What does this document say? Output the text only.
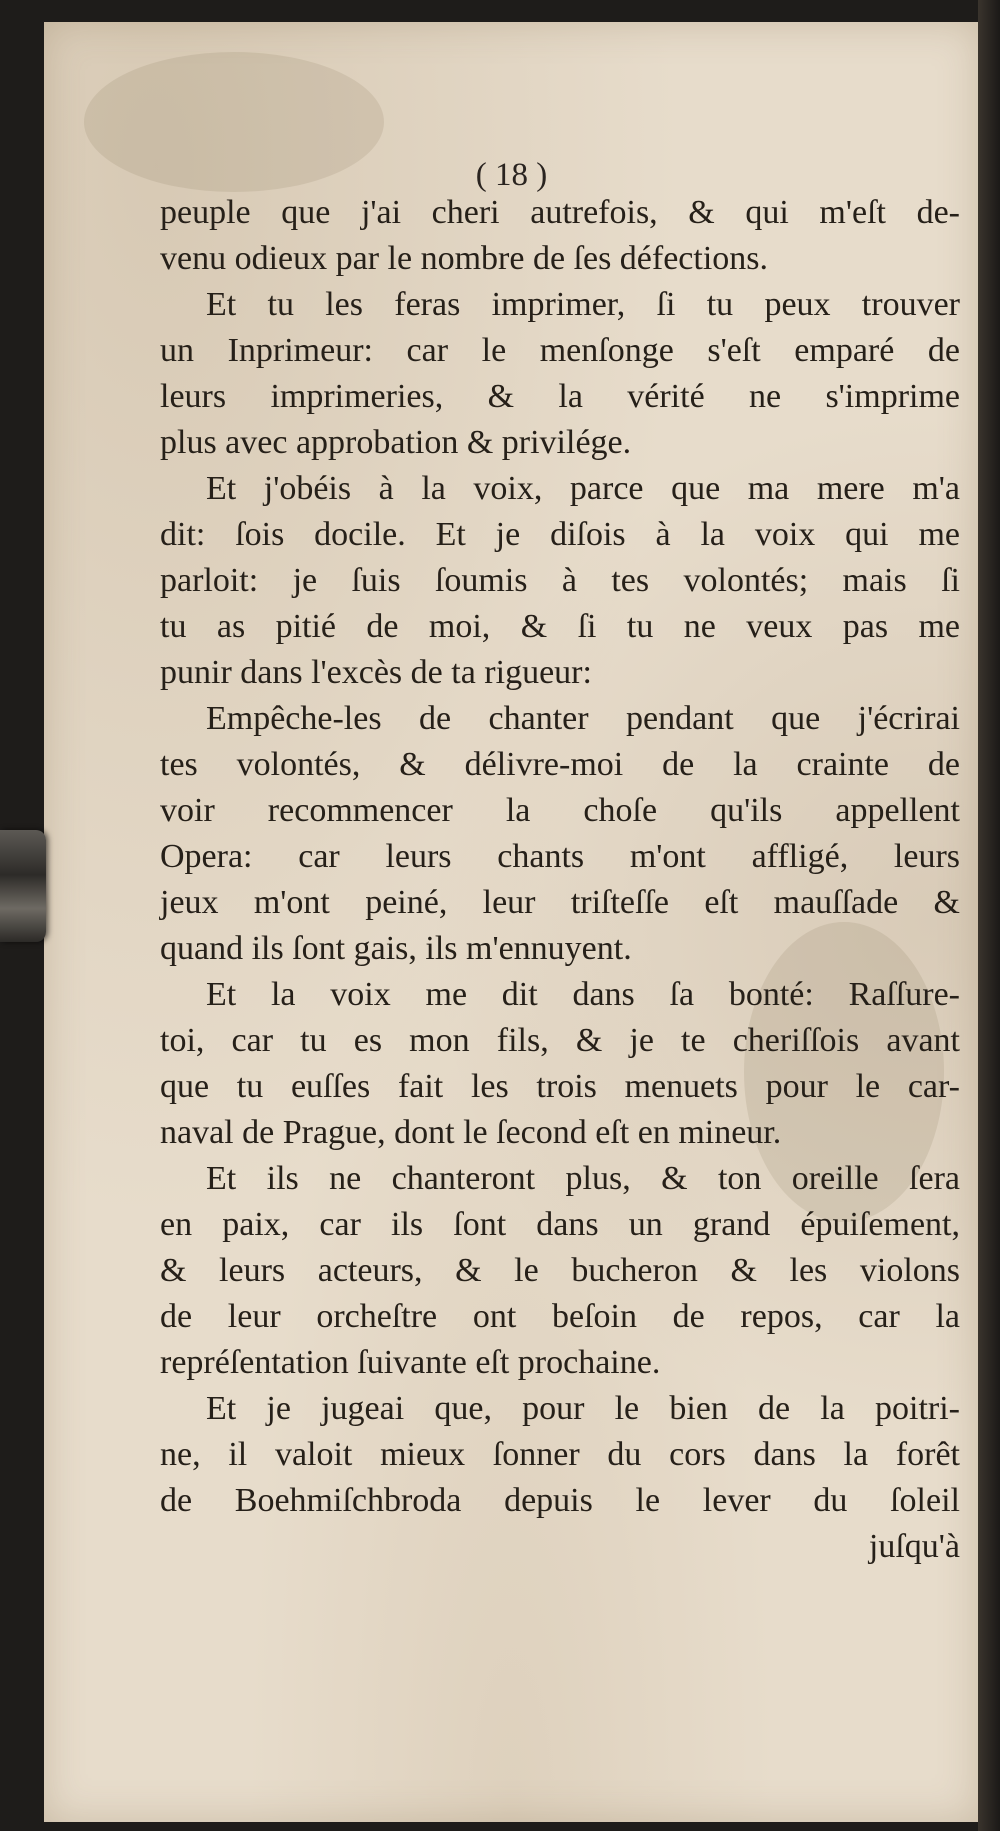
( 18 )
peuple que j'ai cheri autrefois, & qui m'eſt de-
venu odieux par le nombre de ſes défections.
Et tu les feras imprimer, ſi tu peux trouver
un Inprimeur: car le menſonge s'eſt emparé de
leurs imprimeries, & la vérité ne s'imprime
plus avec approbation & privilége.
Et j'obéis à la voix, parce que ma mere m'a
dit: ſois docile. Et je diſois à la voix qui me
parloit: je ſuis ſoumis à tes volontés; mais ſi
tu as pitié de moi, & ſi tu ne veux pas me
punir dans l'excès de ta rigueur:
Empêche-les de chanter pendant que j'écrirai
tes volontés, & délivre-moi de la crainte de
voir recommencer la choſe qu'ils appellent
Opera: car leurs chants m'ont affligé, leurs
jeux m'ont peiné, leur triſteſſe eſt mauſſade &
quand ils ſont gais, ils m'ennuyent.
Et la voix me dit dans ſa bonté: Raſſure-
toi, car tu es mon fils, & je te cheriſſois avant
que tu euſſes fait les trois menuets pour le car-
naval de Prague, dont le ſecond eſt en mineur.
Et ils ne chanteront plus, & ton oreille ſera
en paix, car ils ſont dans un grand épuiſement,
& leurs acteurs, & le bucheron & les violons
de leur orcheſtre ont beſoin de repos, car la
repréſentation ſuivante eſt prochaine.
Et je jugeai que, pour le bien de la poitri-
ne, il valoit mieux ſonner du cors dans la forêt
de Boehmiſchbroda depuis le lever du ſoleil
juſqu'à
